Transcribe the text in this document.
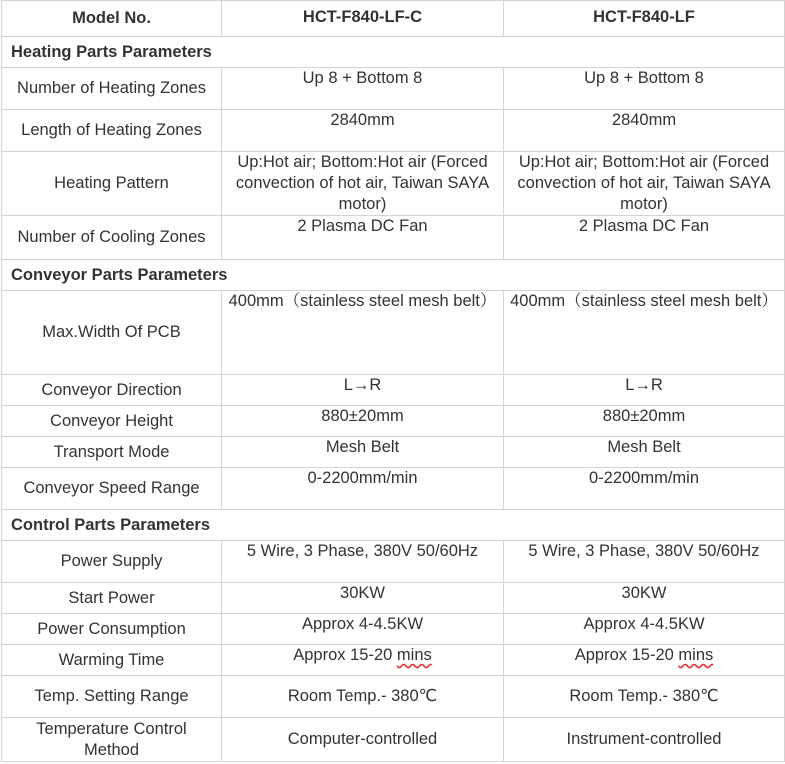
Model No.	HCT-F840-LF-C	HCT-F840-LF
Heating Parts Parameters		
Number of Heating Zones	Up 8 + Bottom 8	Up 8 + Bottom 8
Length of Heating Zones	2840mm	2840mm
Heating Pattern	Up:Hot air; Bottom:Hot air (Forced convection of hot air, Taiwan SAYA motor)	Up:Hot air; Bottom:Hot air (Forced convection of hot air, Taiwan SAYA motor)
Number of Cooling Zones	2 Plasma DC Fan	2 Plasma DC Fan
Conveyor Parts Parameters		
Max.Width Of PCB	400mm（stainless steel mesh belt）	400mm（stainless steel mesh belt）
Conveyor Direction	L→R	L→R
Conveyor Height	880±20mm	880±20mm
Transport Mode	Mesh Belt	Mesh Belt
Conveyor Speed Range	0-2200mm/min	0-2200mm/min
Control Parts Parameters		
Power Supply	5 Wire, 3 Phase, 380V 50/60Hz	5 Wire, 3 Phase, 380V 50/60Hz
Start Power	30KW	30KW
Power Consumption	Approx 4-4.5KW	Approx 4-4.5KW
Warming Time	Approx 15-20 mins	Approx 15-20 mins
Temp. Setting Range	Room Temp.- 380℃	Room Temp.- 380℃
Temperature Control Method	Computer-controlled	Instrument-controlled
